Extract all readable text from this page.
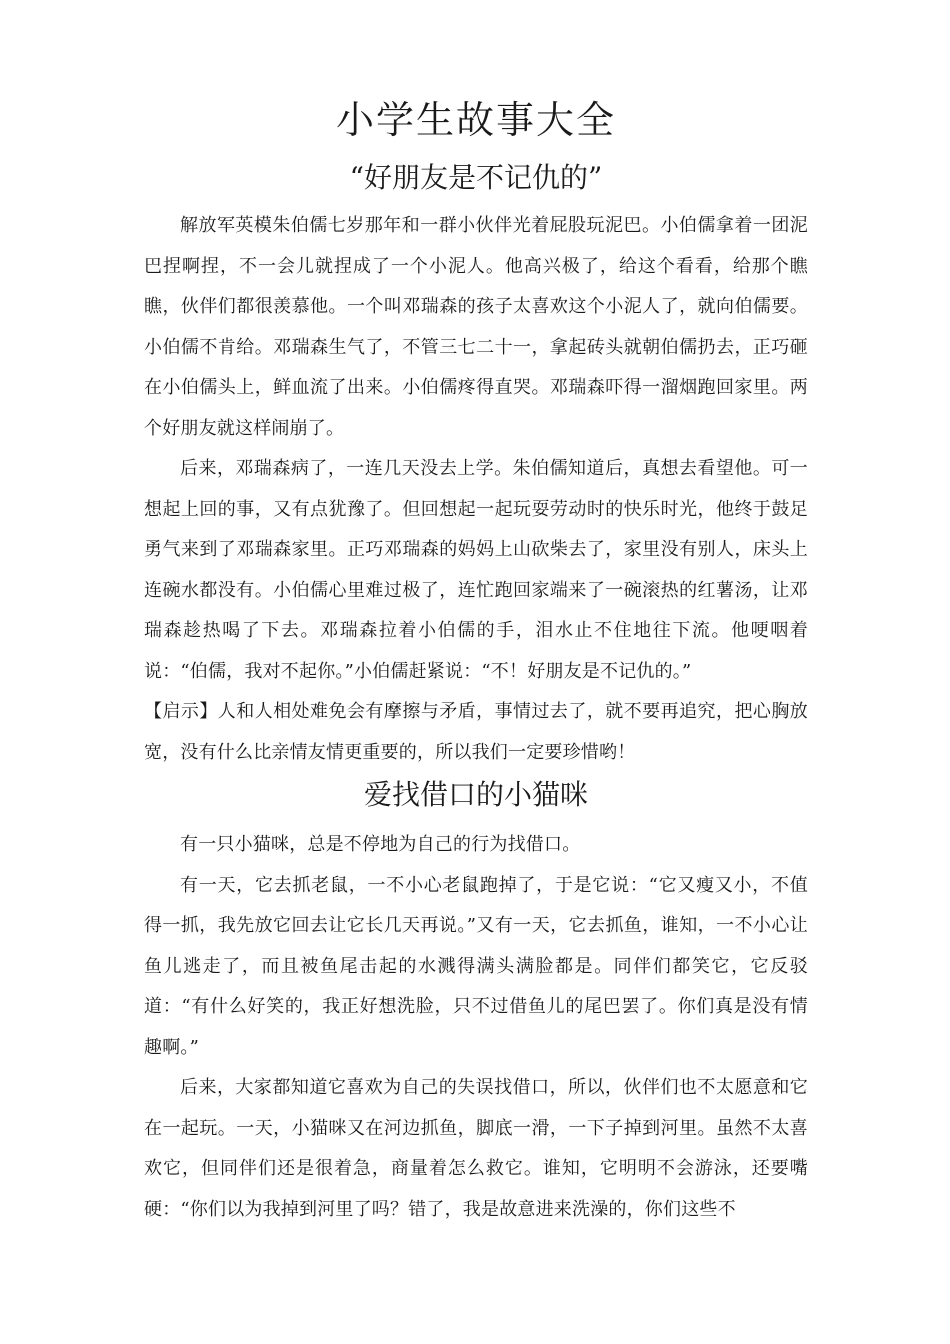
小学生故事大全
“好朋友是不记仇的”

解放军英模朱伯儒七岁那年和一群小伙伴光着屁股玩泥巴。小伯儒拿着一团泥巴捏啊捏，不一会儿就捏成了一个小泥人。他高兴极了，给这个看看，给那个瞧瞧，伙伴们都很羡慕他。一个叫邓瑞森的孩子太喜欢这个小泥人了，就向伯儒要。小伯儒不肯给。邓瑞森生气了，不管三七二十一，拿起砖头就朝伯儒扔去，正巧砸在小伯儒头上，鲜血流了出来。小伯儒疼得直哭。邓瑞森吓得一溜烟跑回家里。两个好朋友就这样闹崩了。

后来，邓瑞森病了，一连几天没去上学。朱伯儒知道后，真想去看望他。可一想起上回的事，又有点犹豫了。但回想起一起玩耍劳动时的快乐时光，他终于鼓足勇气来到了邓瑞森家里。正巧邓瑞森的妈妈上山砍柴去了，家里没有别人，床头上连碗水都没有。小伯儒心里难过极了，连忙跑回家端来了一碗滚热的红薯汤，让邓瑞森趁热喝了下去。邓瑞森拉着小伯儒的手，泪水止不住地往下流。他哽咽着说：“伯儒，我对不起你。”小伯儒赶紧说：“不！好朋友是不记仇的。”

【启示】人和人相处难免会有摩擦与矛盾，事情过去了，就不要再追究，把心胸放宽，没有什么比亲情友情更重要的，所以我们一定要珍惜哟！

爱找借口的小猫咪

有一只小猫咪，总是不停地为自己的行为找借口。

有一天，它去抓老鼠，一不小心老鼠跑掉了，于是它说：“它又瘦又小，不值得一抓，我先放它回去让它长几天再说。”又有一天，它去抓鱼，谁知，一不小心让鱼儿逃走了，而且被鱼尾击起的水溅得满头满脸都是。同伴们都笑它，它反驳道：“有什么好笑的，我正好想洗脸，只不过借鱼儿的尾巴罢了。你们真是没有情趣啊。”

后来，大家都知道它喜欢为自己的失误找借口，所以，伙伴们也不太愿意和它在一起玩。一天，小猫咪又在河边抓鱼，脚底一滑，一下子掉到河里。虽然不太喜欢它，但同伴们还是很着急，商量着怎么救它。谁知，它明明不会游泳，还要嘴硬：“你们以为我掉到河里了吗？错了，我是故意进来洗澡的，你们这些不
